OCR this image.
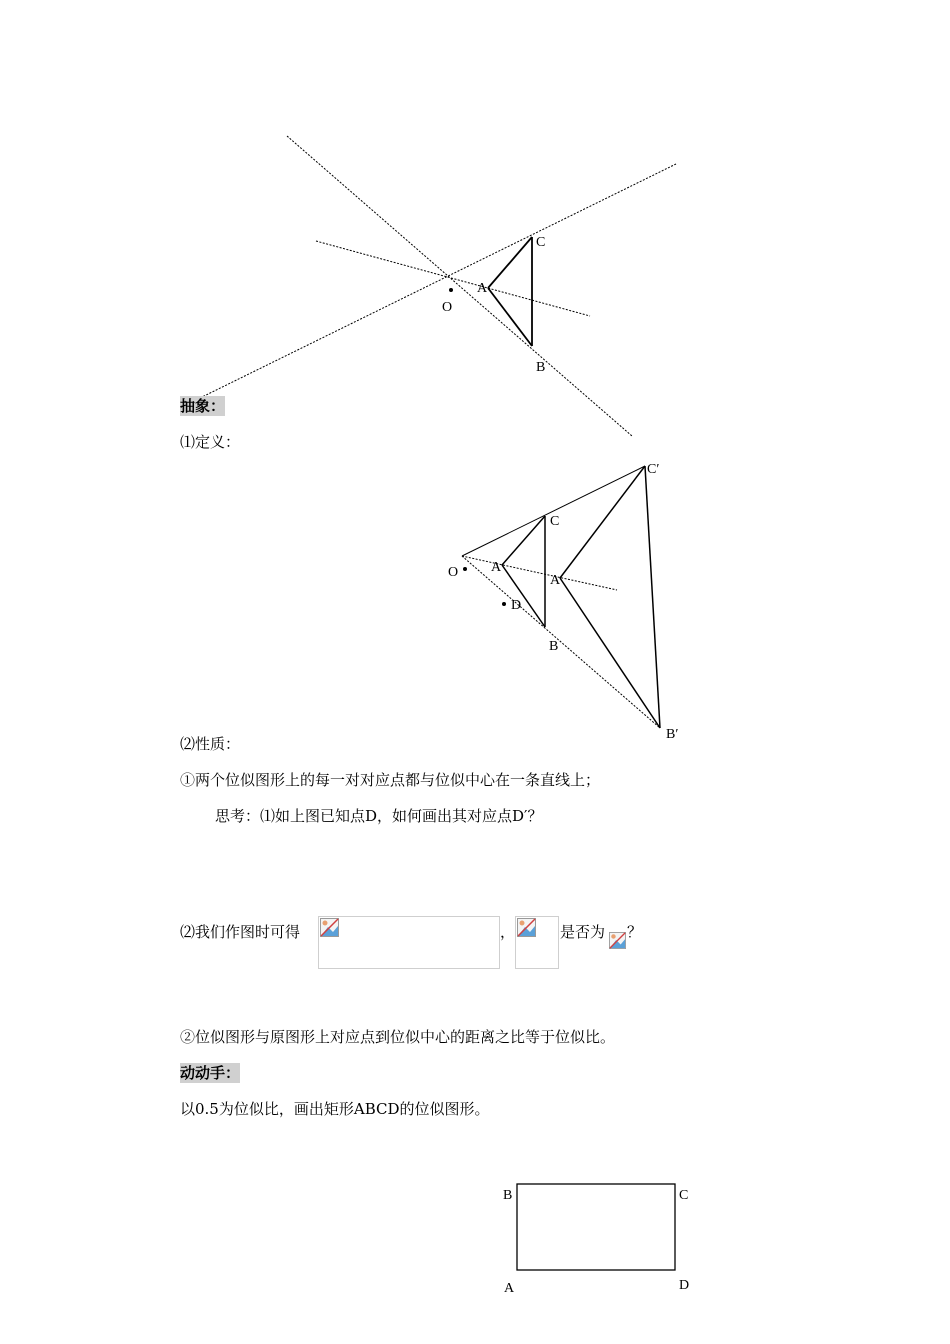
O
A
C
B
抽象：
⑴定义：
O A
A
C
B
D
C′
B′
⑵性质：
①两个位似图形上的每一对对应点都与位似中心在一条直线上；
思考：⑴如上图已知点D，如何画出其对应点D′？
⑵我们作图时可得	，	是否为 ？
②位似图形与原图形上对应点到位似中心的距离之比等于位似比。
动动手：
以0.5为位似比，画出矩形ABCD的位似图形。
B	C
A	D
